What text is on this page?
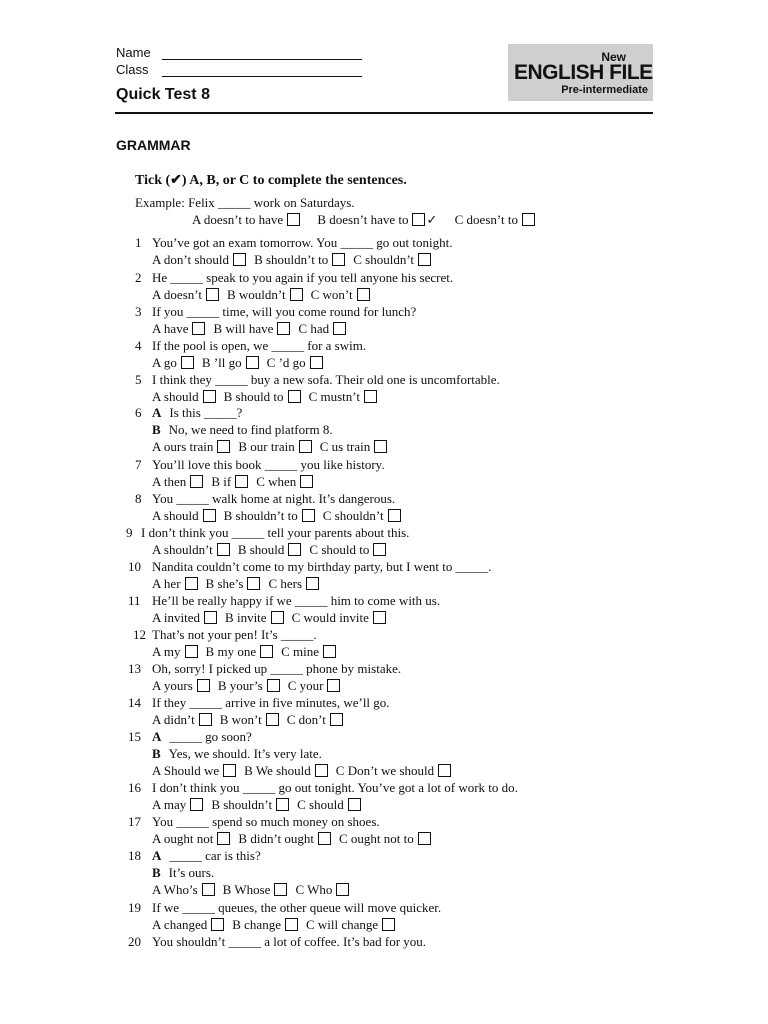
Name
Class
Quick Test 8
New
ENGLISH FILE
Pre-intermediate
GRAMMAR
Tick (✔) A, B, or C to complete the sentences.
Example: Felix _____ work on Saturdays.
A doesn’t to have	B doesn’t have to ✓ C doesn’t to
1 You’ve got an exam tomorrow. You _____ go out tonight.
A don’t should B shouldn’t to C shouldn’t
2 He _____ speak to you again if you tell anyone his secret.
A doesn’t B wouldn’t C won’t
3 If you _____ time, will you come round for lunch?
A have B will have C had
4 If the pool is open, we _____ for a swim.
A go B ’ll go C ’d go
5 I think they _____ buy a new sofa. Their old one is uncomfortable.
A should B should to C mustn’t
6 A Is this _____?
B No, we need to find platform 8.
A ours train B our train C us train
7 You’ll love this book _____ you like history.
A then B if C when
8 You _____ walk home at night. It’s dangerous.
A should B shouldn’t to C shouldn’t
9 I don’t think you _____ tell your parents about this.
A shouldn’t B should C should to
10 Nandita couldn’t come to my birthday party, but I went to _____.
A her B she’s C hers
11 He’ll be really happy if we _____ him to come with us.
A invited B invite C would invite
12 That’s not your pen! It’s _____.
A my B my one C mine
13 Oh, sorry! I picked up _____ phone by mistake.
A yours B your’s C your
14 If they _____ arrive in five minutes, we’ll go.
A didn’t B won’t C don’t
15 A _____ go soon?
B Yes, we should. It’s very late.
A Should we B We should C Don’t we should
16 I don’t think you _____ go out tonight. You’ve got a lot of work to do.
A may B shouldn’t C should
17 You _____ spend so much money on shoes.
A ought not B didn’t ought C ought not to
18 A _____ car is this?
B It’s ours.
A Who’s B Whose C Who
19 If we _____ queues, the other queue will move quicker.
A changed B change C will change
20 You shouldn’t _____ a lot of coffee. It’s bad for you.
